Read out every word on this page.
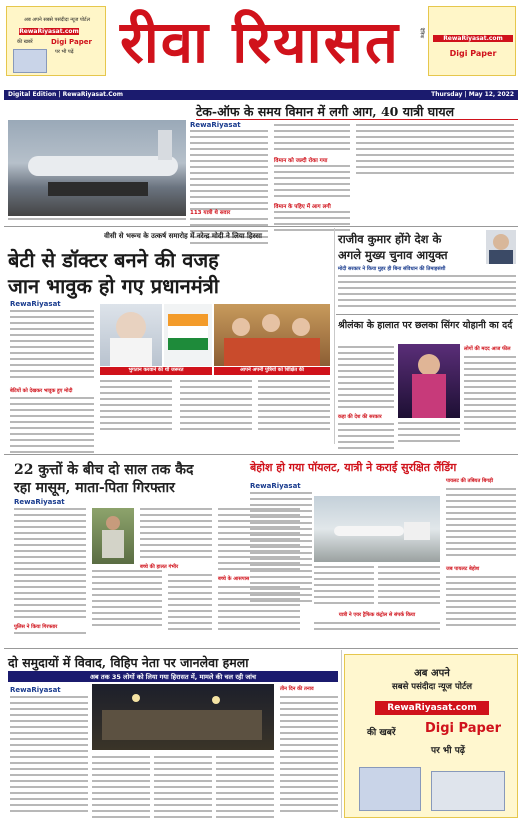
अब अपने सबसे पसंदीदा न्यूज पोर्टल
RewaRiyasat.com
की खबरें	Digi Paper
पर भी पढ़ें रीवा रियासत	दैनिक
RewaRiyasat.com
Digi Paper
Digital Edition | RewaRiyasat.Com	Thursday | May 12, 2022
टेक-ऑफ के समय विमान में लगी आग, 40 यात्री घायल
RewaRiyasat
113 यात्री थे सवार
विमान को जल्दी रोका गया
विमान के पहिए में आग लगी
वीसी से भरूच के उत्कर्ष समारोह में नरेन्द्र मोदी ने लिया हिस्सा
बेटी से डॉक्टर बनने की वजह
जान भावुक हो गए प्रधानमंत्री
RewaRiyasat
बेटियों को देखकर भावुक हुए मोदी
भुगतान करवाने की थी जरूरत	आपने अपनी पुत्रियों को शिक्षित की
राजीव कुमार होंगे देश के
अगले मुख्य चुनाव आयुक्त
मोदी सरकार ने किया मुहर ही बिना संविधान की तिमाहसंशी
श्रीलंका के हालात पर छलका सिंगर योहानी का दर्द
कहा की देश की सरकार
लोगों की मदद आज फील
22 कुत्तों के बीच दो साल तक कैद
रहा मासूम, माता-पिता गिरफ्तार
RewaRiyasat
पुलिस ने किया गिरफ्तार
बच्चे की हालत गंभीर
बच्चे के आसपास
बेहोश हो गया पॉयलट, यात्री ने कराई सुरक्षित लैंडिंग
RewaRiyasat
यात्री ने एयर ट्रैफिक कंट्रोल से संपर्क किया
पायलट की तबियत बिगड़ी
जब पायलट बेहोश
दो समुदायों में विवाद, विहिप नेता पर जानलेवा हमला
अब तक 35 लोगों को लिया गया हिरासत में, मामले की चल रही जांच
RewaRiyasat	तीन दिन की तनाव
अब अपने
सबसे पसंदीदा न्यूज पोर्टल
RewaRiyasat.com
की खबरें Digi Paper
पर भी पढ़ें
